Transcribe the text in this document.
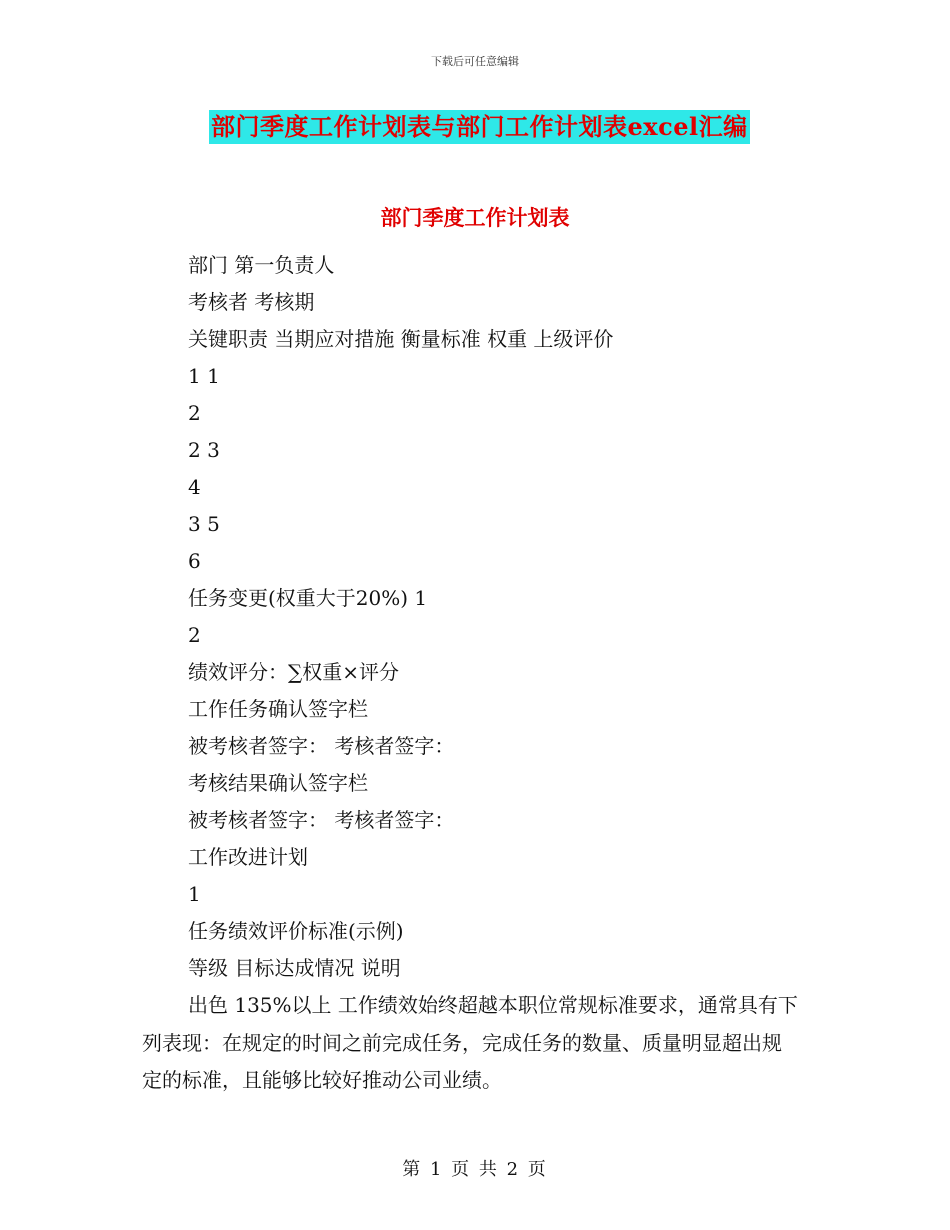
下载后可任意编辑
部门季度工作计划表与部门工作计划表excel汇编
部门季度工作计划表
部门 第一负责人
考核者 考核期
关键职责 当期应对措施 衡量标准 权重 上级评价
1 1
2
2 3
4
3 5
6
任务变更(权重大于20%) 1
2
绩效评分：∑权重×评分
工作任务确认签字栏
被考核者签字： 考核者签字：
考核结果确认签字栏
被考核者签字： 考核者签字：
工作改进计划
1
任务绩效评价标准(示例)
等级 目标达成情况 说明
出色 135%以上 工作绩效始终超越本职位常规标准要求，通常具有下列表现：在规定的时间之前完成任务，完成任务的数量、质量明显超出规定的标准，且能够比较好推动公司业绩。
第 1 页 共 2 页
